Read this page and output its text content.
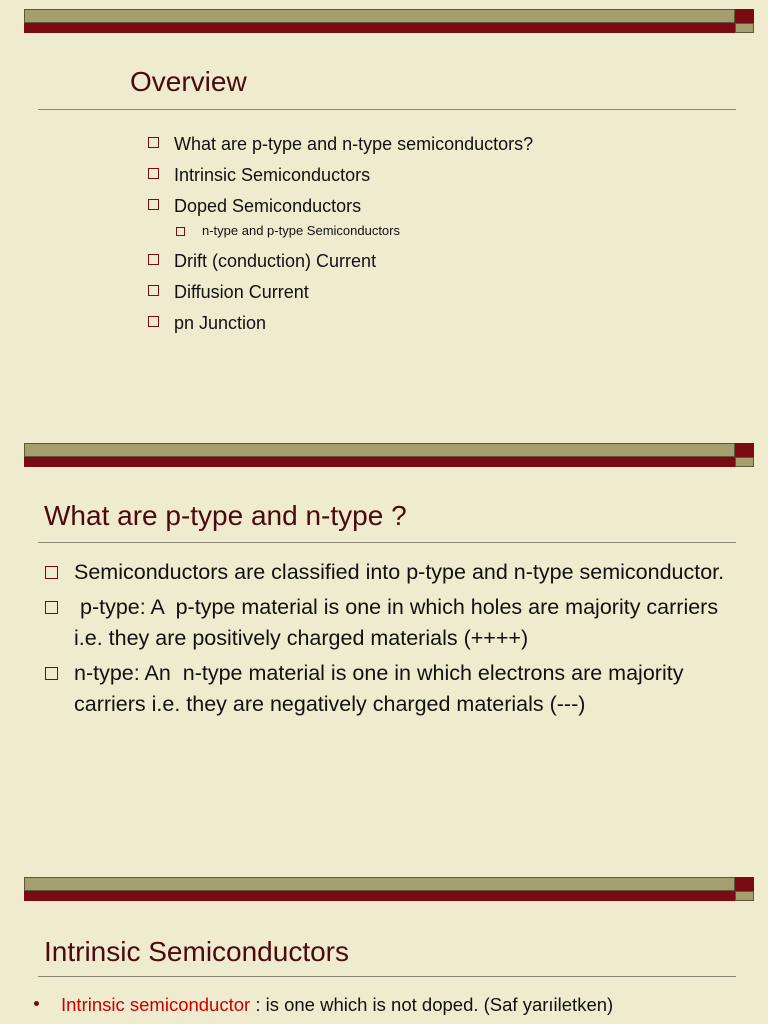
Overview
What are p-type and n-type semiconductors?
Intrinsic Semiconductors
Doped Semiconductors
n-type and p-type Semiconductors
Drift (conduction) Current
Diffusion Current
pn Junction
What are p-type and n-type ?
Semiconductors are classified into p-type and n-type semiconductor.
p-type: A  p-type material is one in which holes are majority carriers i.e. they are positively charged materials (++++)
n-type: An  n-type material is one in which electrons are majority carriers i.e. they are negatively charged materials (---)
Intrinsic Semiconductors
Intrinsic semiconductor : is one which is not doped. (Saf yarıiletken)
